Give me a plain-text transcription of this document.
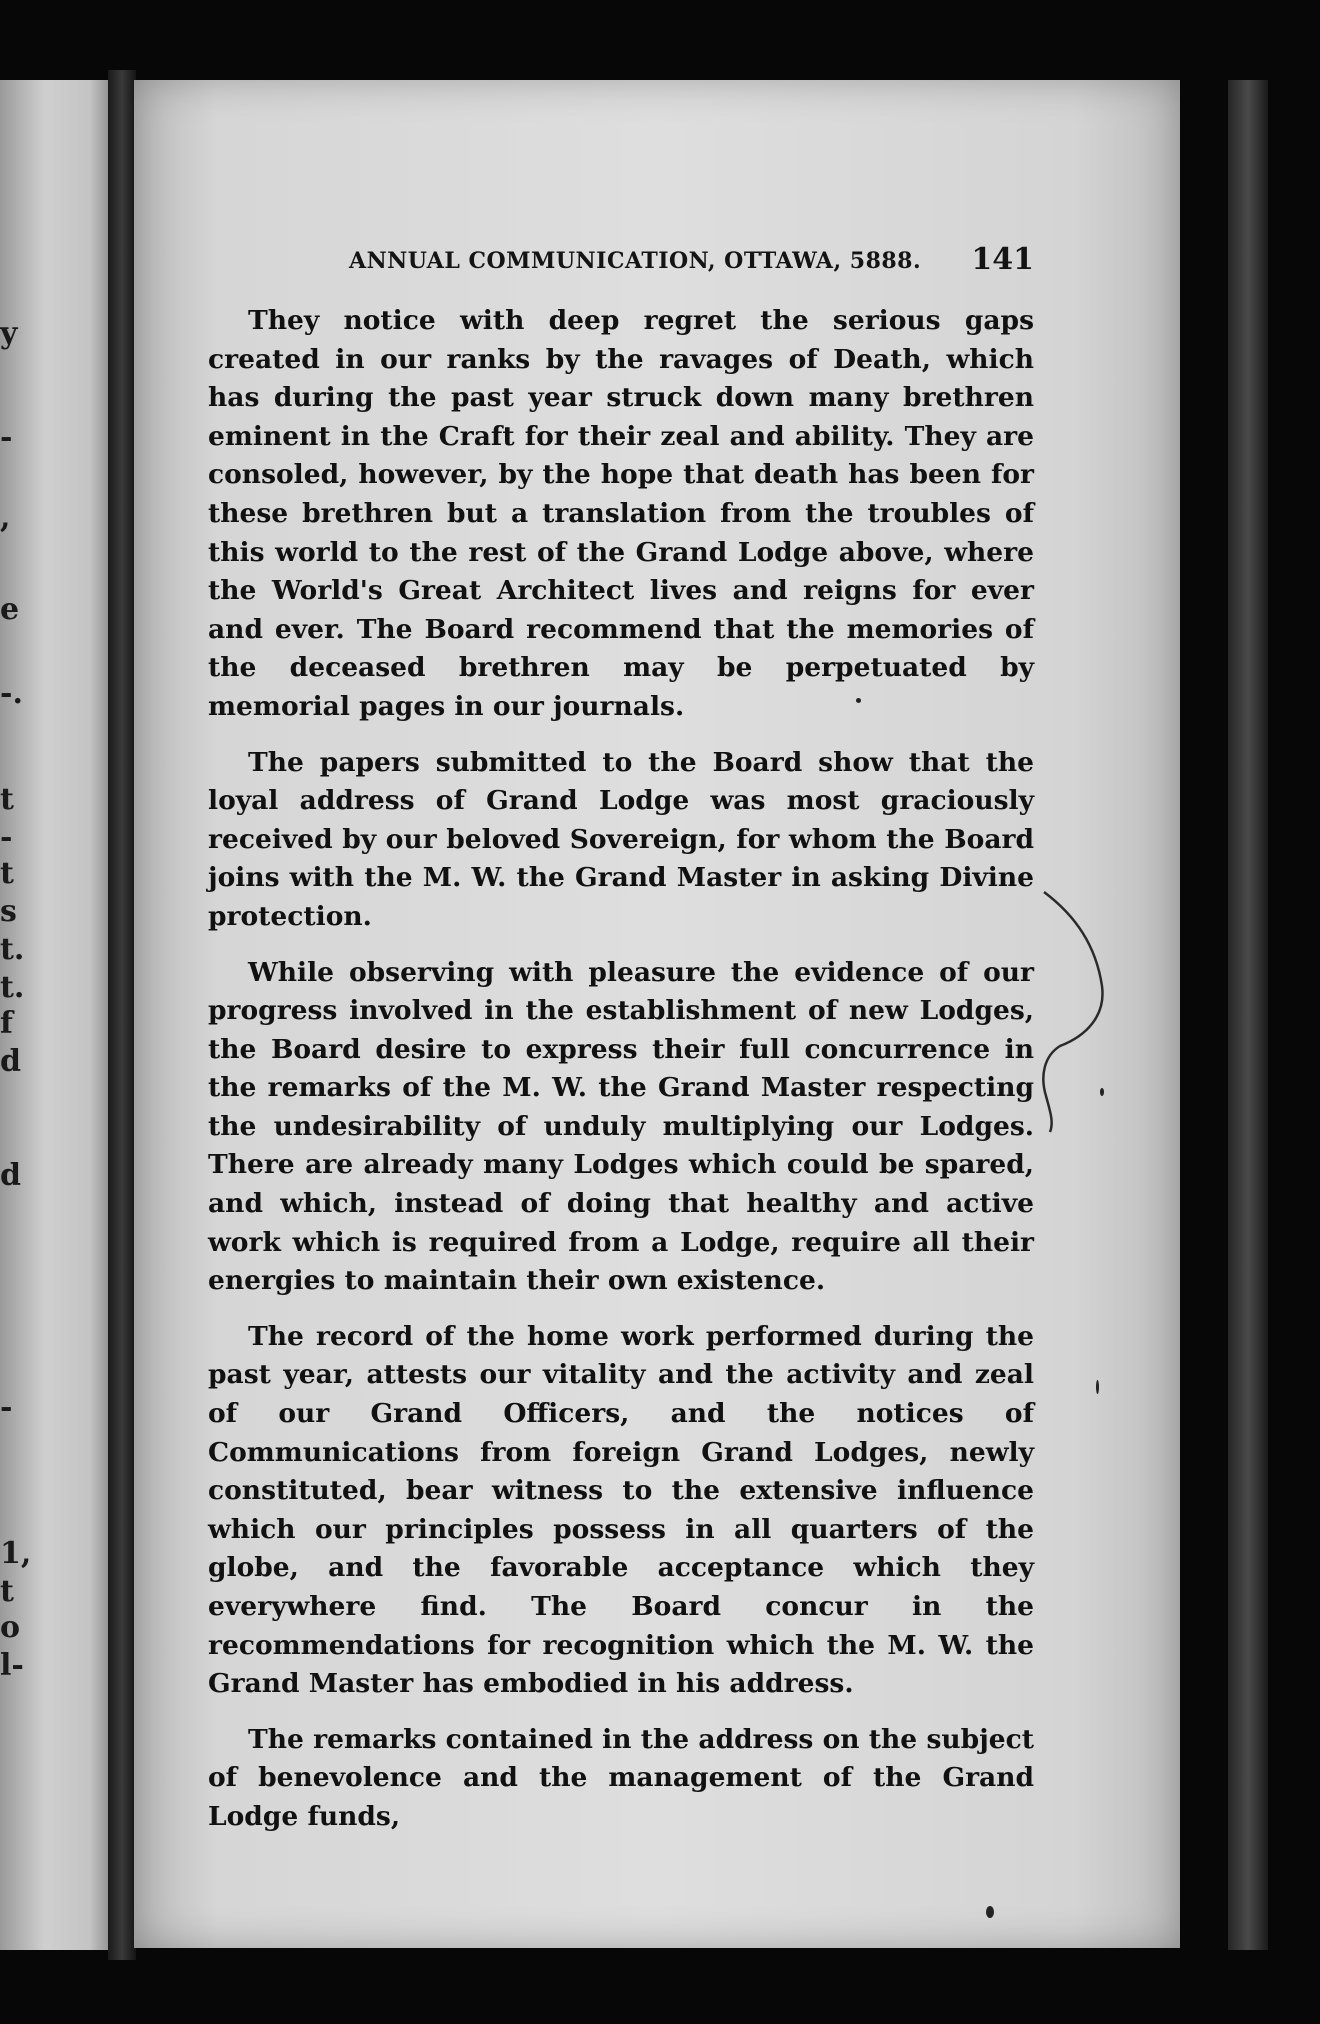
y
-
,
e
-.
t
-
t
s
t.
t.
f
d
d
-
1,
t
o
l-
ANNUAL COMMUNICATION, OTTAWA, 5888. 141

They notice with deep regret the serious gaps created in our ranks by the ravages of Death, which has during the past year struck down many brethren eminent in the Craft for their zeal and ability. They are consoled, however, by the hope that death has been for these brethren but a translation from the troubles of this world to the rest of the Grand Lodge above, where the World's Great Architect lives and reigns for ever and ever. The Board recommend that the memories of the deceased brethren may be perpetuated by memorial pages in our journals.

The papers submitted to the Board show that the loyal address of Grand Lodge was most graciously received by our beloved Sovereign, for whom the Board joins with the M. W. the Grand Master in asking Divine protection.

While observing with pleasure the evidence of our progress involved in the establishment of new Lodges, the Board desire to express their full concurrence in the remarks of the M. W. the Grand Master respecting the undesirability of unduly multiplying our Lodges. There are already many Lodges which could be spared, and which, instead of doing that healthy and active work which is required from a Lodge, require all their energies to maintain their own existence.

The record of the home work performed during the past year, attests our vitality and the activity and zeal of our Grand Officers, and the notices of Communications from foreign Grand Lodges, newly constituted, bear witness to the extensive influence which our principles possess in all quarters of the globe, and the favorable acceptance which they everywhere find. The Board concur in the recommendations for recognition which the M. W. the Grand Master has embodied in his address.

The remarks contained in the address on the subject of benevolence and the management of the Grand Lodge funds,
